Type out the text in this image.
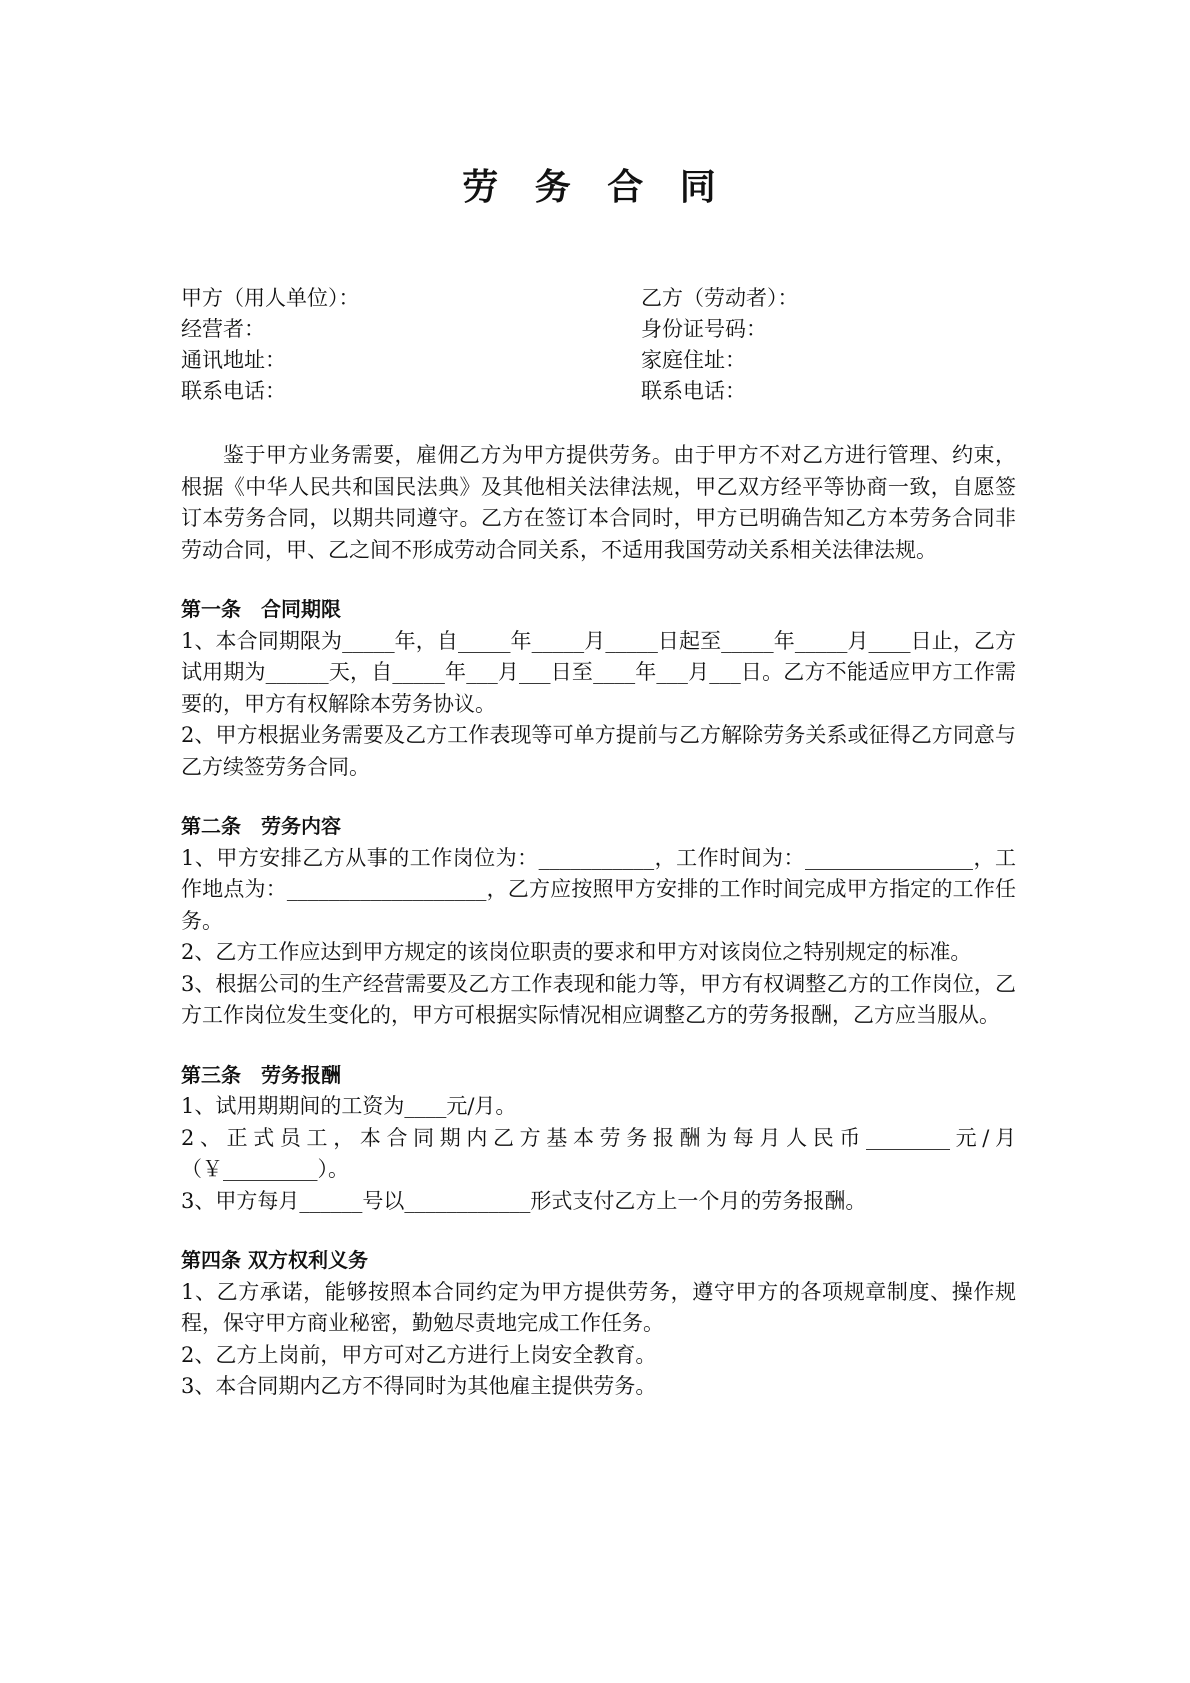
劳 务 合 同
甲方（用人单位）：
经营者：
通讯地址：
联系电话：
乙方（劳动者）：
身份证号码：
家庭住址：
联系电话：

鉴于甲方业务需要，雇佣乙方为甲方提供劳务。由于甲方不对乙方进行管理、约束，根据《中华人民共和国民法典》及其他相关法律法规，甲乙双方经平等协商一致，自愿签订本劳务合同，以期共同遵守。乙方在签订本合同时，甲方已明确告知乙方本劳务合同非劳动合同，甲、乙之间不形成劳动合同关系，不适用我国劳动关系相关法律法规。

第一条　合同期限

1、本合同期限为_____年，自_____年_____月_____日起至_____年_____月____日止，乙方试用期为______天，自_____年___月___日至____年___月___日。乙方不能适应甲方工作需要的，甲方有权解除本劳务协议。

2、甲方根据业务需要及乙方工作表现等可单方提前与乙方解除劳务关系或征得乙方同意与乙方续签劳务合同。

第二条　劳务内容

1、甲方安排乙方从事的工作岗位为：___________，工作时间为：________________，工作地点为：___________________，乙方应按照甲方安排的工作时间完成甲方指定的工作任务。

2、乙方工作应达到甲方规定的该岗位职责的要求和甲方对该岗位之特别规定的标准。

3、根据公司的生产经营需要及乙方工作表现和能力等，甲方有权调整乙方的工作岗位，乙方工作岗位发生变化的，甲方可根据实际情况相应调整乙方的劳务报酬，乙方应当服从。

第三条　劳务报酬

1、试用期期间的工资为____元/月。

2、正式员工，本合同期内乙方基本劳务报酬为每月人民币________元/月（￥_________）。

3、甲方每月______号以____________形式支付乙方上一个月的劳务报酬。

第四条 双方权利义务

1、乙方承诺，能够按照本合同约定为甲方提供劳务，遵守甲方的各项规章制度、操作规程，保守甲方商业秘密，勤勉尽责地完成工作任务。

2、乙方上岗前，甲方可对乙方进行上岗安全教育。

3、本合同期内乙方不得同时为其他雇主提供劳务。
